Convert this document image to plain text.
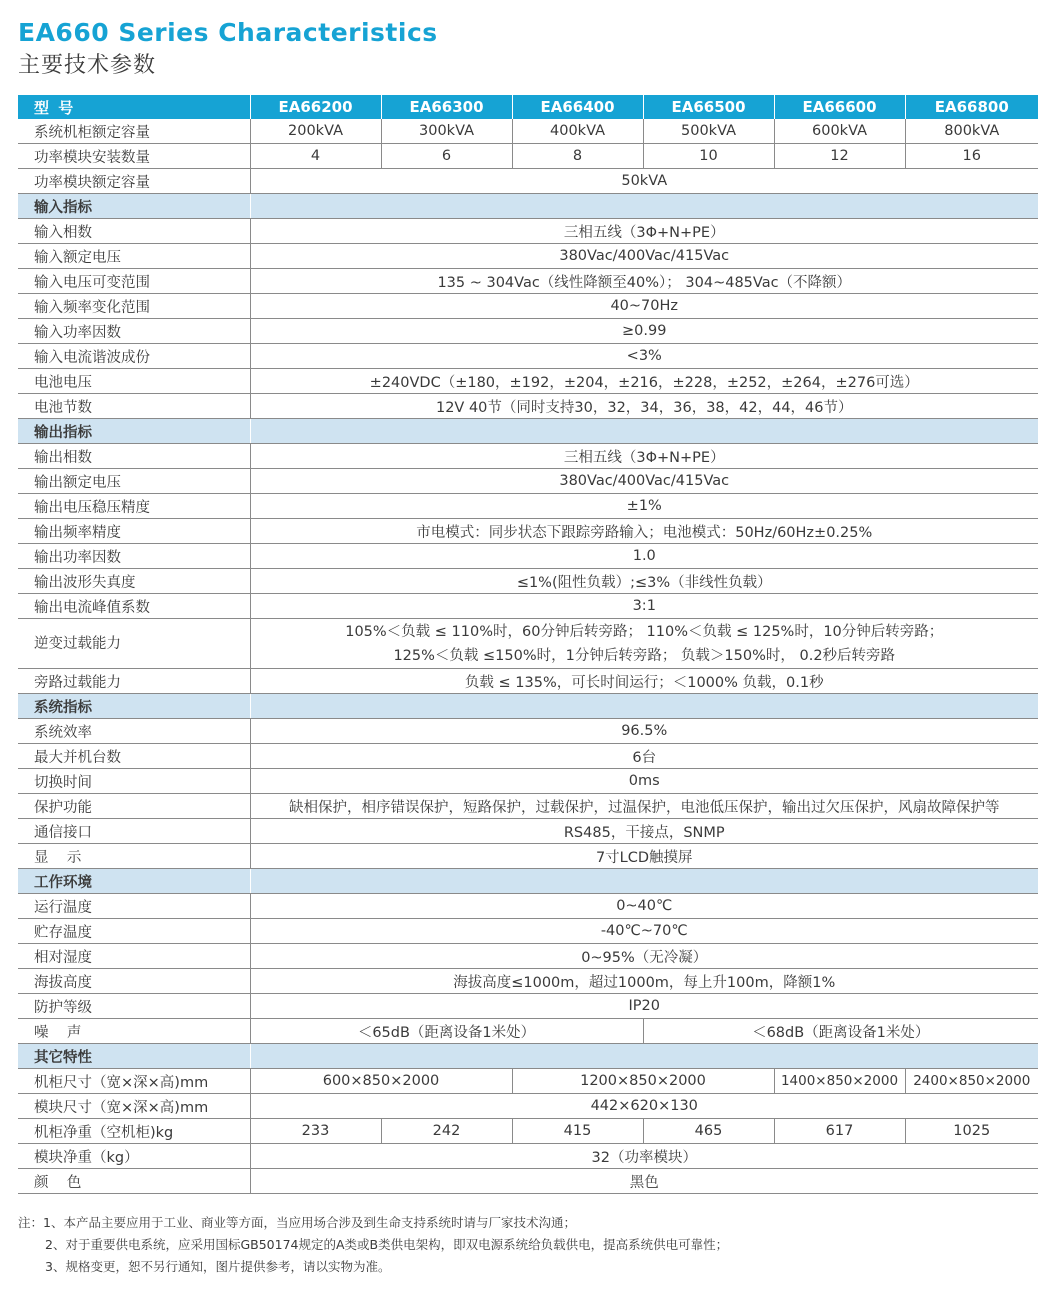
EA660 Series Characteristics
主要技术参数
型 号	EA66200	EA66300	EA66400	EA66500	EA66600	EA66800
系统机柜额定容量	200kVA	300kVA	400kVA	500kVA	600kVA	800kVA
功率模块安装数量	4	6	8	10	12	16
功率模块额定容量	50kVA					
输入指标						
输入相数	三相五线（3Φ+N+PE）					
输入额定电压	380Vac/400Vac/415Vac					
输入电压可变范围	135 ~ 304Vac（线性降额至40%）； 304~485Vac（不降额）					
输入频率变化范围	40~70Hz					
输入功率因数	≥0.99					
输入电流谐波成份	<3%					
电池电压	±240VDC（±180，±192，±204，±216，±228，±252，±264，±276可选）					
电池节数	12V 40节（同时支持30，32，34，36，38，42，44，46节）					
输出指标						
输出相数	三相五线（3Φ+N+PE）					
输出额定电压	380Vac/400Vac/415Vac					
输出电压稳压精度	±1%					
输出频率精度	市电模式：同步状态下跟踪旁路输入；电池模式：50Hz/60Hz±0.25%					
输出功率因数	1.0					
输出波形失真度	≤1%(阻性负载）;≤3%（非线性负载）					
输出电流峰值系数	3:1					
逆变过载能力	105%＜负载 ≤ 110%时，60分钟后转旁路； 110%＜负载 ≤ 125%时，10分钟后转旁路；
125%＜负载 ≤150%时，1分钟后转旁路； 负载＞150%时， 0.2秒后转旁路					

旁路过载能力	负载 ≤ 135%，可长时间运行；＜1000% 负载，0.1秒					
系统指标						
系统效率	96.5%					
最大并机台数	6台					
切换时间	0ms					
保护功能	缺相保护，相序错误保护，短路保护，过载保护，过温保护，电池低压保护，输出过欠压保护，风扇故障保护等					
通信接口	RS485，干接点，SNMP					
显    示	7寸LCD触摸屏					
工作环境						
运行温度	0~40℃					
贮存温度	-40℃~70℃					
相对湿度	0~95%（无冷凝）					
海拔高度	海拔高度≤1000m，超过1000m，每上升100m，降额1%					
防护等级	IP20					
噪    声	＜65dB（距离设备1米处）			＜68dB（距离设备1米处）		
其它特性						
机柜尺寸（宽×深×高)mm	600×850×2000		1200×850×2000		1400×850×2000	2400×850×2000
模块尺寸（宽×深×高)mm	442×620×130					
机柜净重（空机柜)kg	233	242	415	465	617	1025
模块净重（kg）	32（功率模块）					
颜    色	黑色					
注：1、本产品主要应用于工业、商业等方面，当应用场合涉及到生命支持系统时请与厂家技术沟通；
2、对于重要供电系统，应采用国标GB50174规定的A类或B类供电架构，即双电源系统给负载供电，提高系统供电可靠性；
3、规格变更，恕不另行通知，图片提供参考，请以实物为准。
